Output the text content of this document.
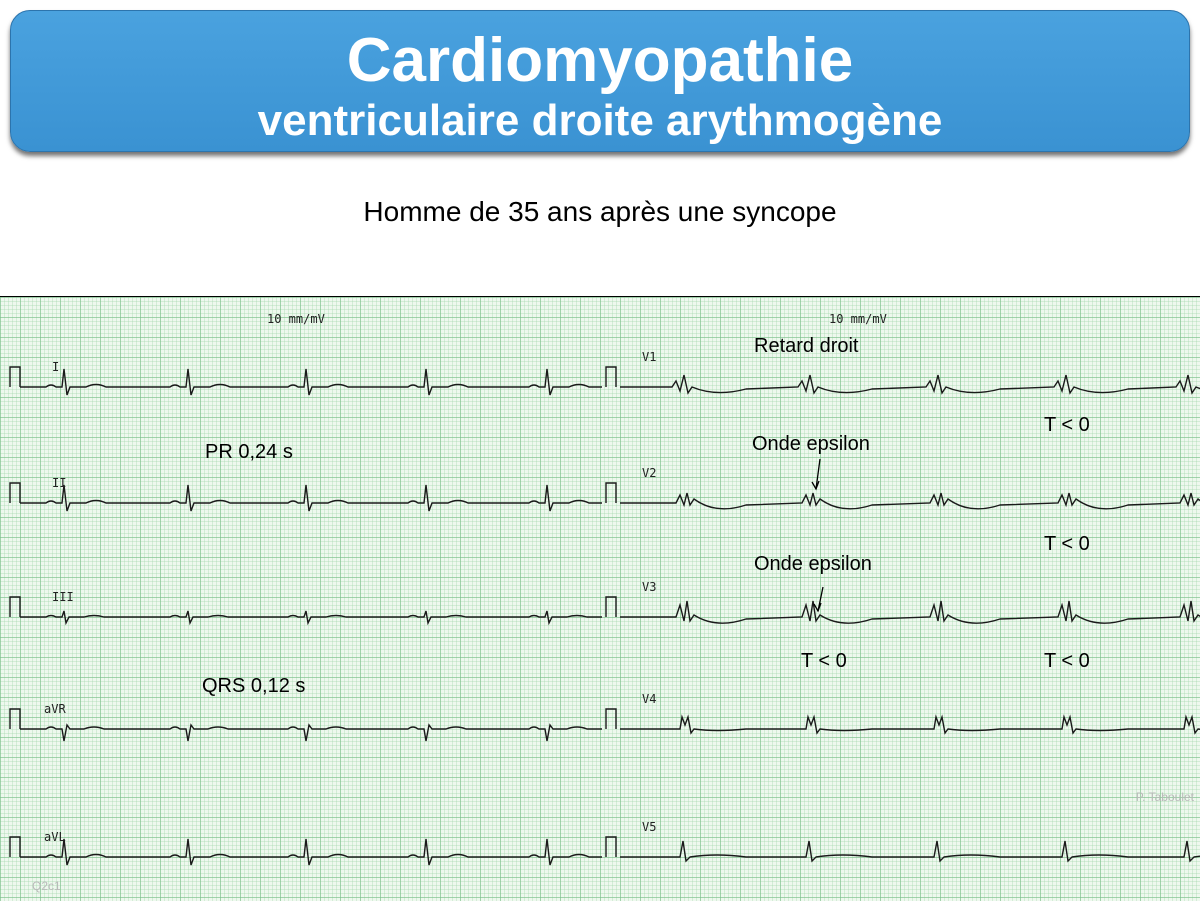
Cardiomyopathie
ventriculaire droite arythmogène
Homme de 35 ans après une syncope
10 mm/mV	10 mm/mV
I
V1
II
V2
III
V3
aVR
V4
aVL
V5
PR 0,24 s
QRS 0,12 s
Retard droit
Onde epsilon
Onde epsilon
T < 0
T < 0
T < 0	T < 0
P. Taboulet
Q2c1
